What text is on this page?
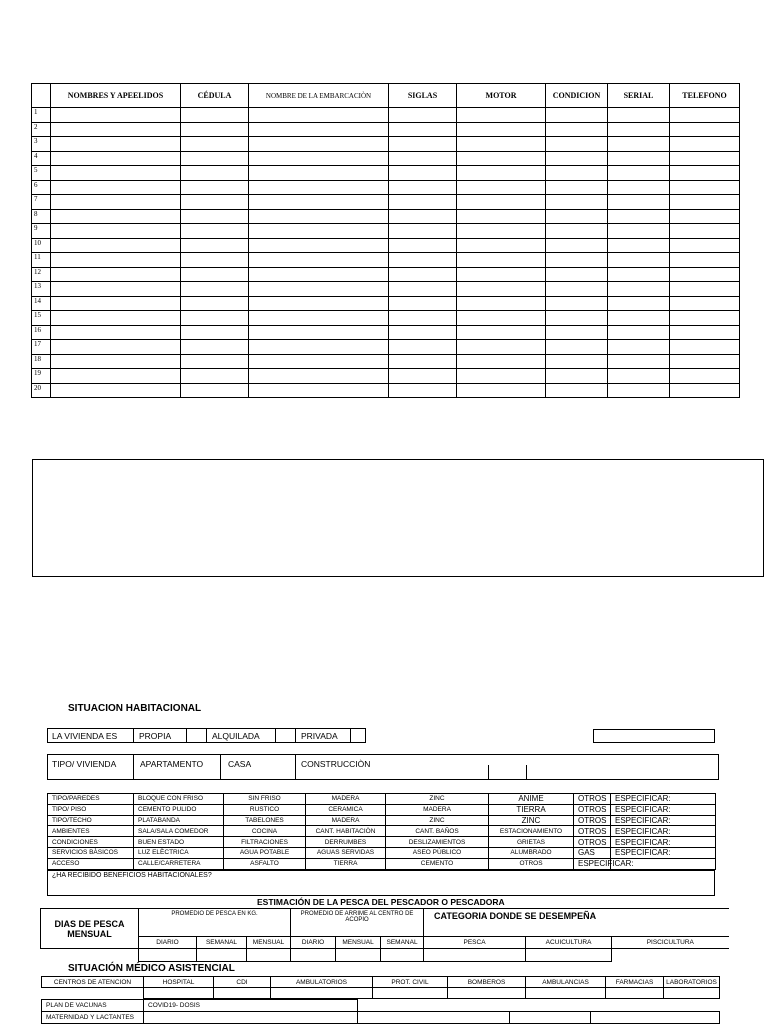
	NOMBRES Y APEELIDOS	CÉDULA	NOMBRE DE LA EMBARCACIÒN	SIGLAS	MOTOR	CONDICION	SERIAL	TELEFONO
1								
2								
3								
4								
5								
6								
7								
8								
9								
10								
11								
12								
13								
14								
15								
16								
17								
18								
19								
20								
SITUACION HABITACIONAL
LA VIVIENDA ES	PROPIA	ALQUILADA	PRIVADA
TIPO/ VIVIENDA	APARTAMENTO	CASA	CONSTRUCCIÒN
TIPO/PAREDES	BLOQUE CON FRISO	SIN FRISO	MADERA	ZINC	ANIME	OTROS	ESPECIFICAR:
TIPO/ PISO	CEMENTO PULIDO	RUSTICO	CERAMICA	MADERA	TIERRA	OTROS	ESPECIFICAR:
TIPO/TECHO	PLATABANDA	TABELONES	MADERA	ZINC	ZINC	OTROS	ESPECIFICAR:
AMBIENTES	SALA/SALA COMEDOR	COCINA	CANT. HABITACIÒN	CANT. BAÑOS	ESTACIONAMIENTO	OTROS	ESPECIFICAR:
CONDICIONES	BUEN ESTADO	FILTRACIONES	DERRUMBES	DESLIZAMIENTOS	GRIETAS	OTROS	ESPECIFICAR:
SERVICIOS BÀSICOS	LUZ ELÈCTRICA	AGUA POTABLE	AGUAS SERVIDAS	ASEO PÙBLICO	ALUMBRADO	GAS	ESPECIFICAR:
ACCESO	CALLE/CARRETERA	ASFALTO	TIERRA	CEMENTO	OTROS	ESPECIFICAR:	
¿HA RECIBIDO BENEFICIOS HABITACIONALES?
ESTIMACIÓN DE LA PESCA DEL PESCADOR O PESCADORA
DIAS DE PESCA MENSUAL	PROMEDIO DE PESCA EN KG.			PROMEDIO DE ARRIME AL CENTRO DE ACOPIO			CATEGORIA DONDE SE DESEMPEÑA		
	DIARIO	SEMANAL	MENSUAL	DIARIO	MENSUAL	SEMANAL	PESCA	ACUICULTURA	PISCICULTURA

SITUACIÓN MÉDICO ASISTENCIAL
CENTROS DE ATENCION	HOSPITAL	CDI	AMBULATORIOS	PROT. CIVIL	BOMBEROS	AMBULANCIAS	FARMACIAS	LABORATORIOS

PLAN DE VACUNAS	COVID19- DOSIS			
MATERNIDAD Y LACTANTES				
